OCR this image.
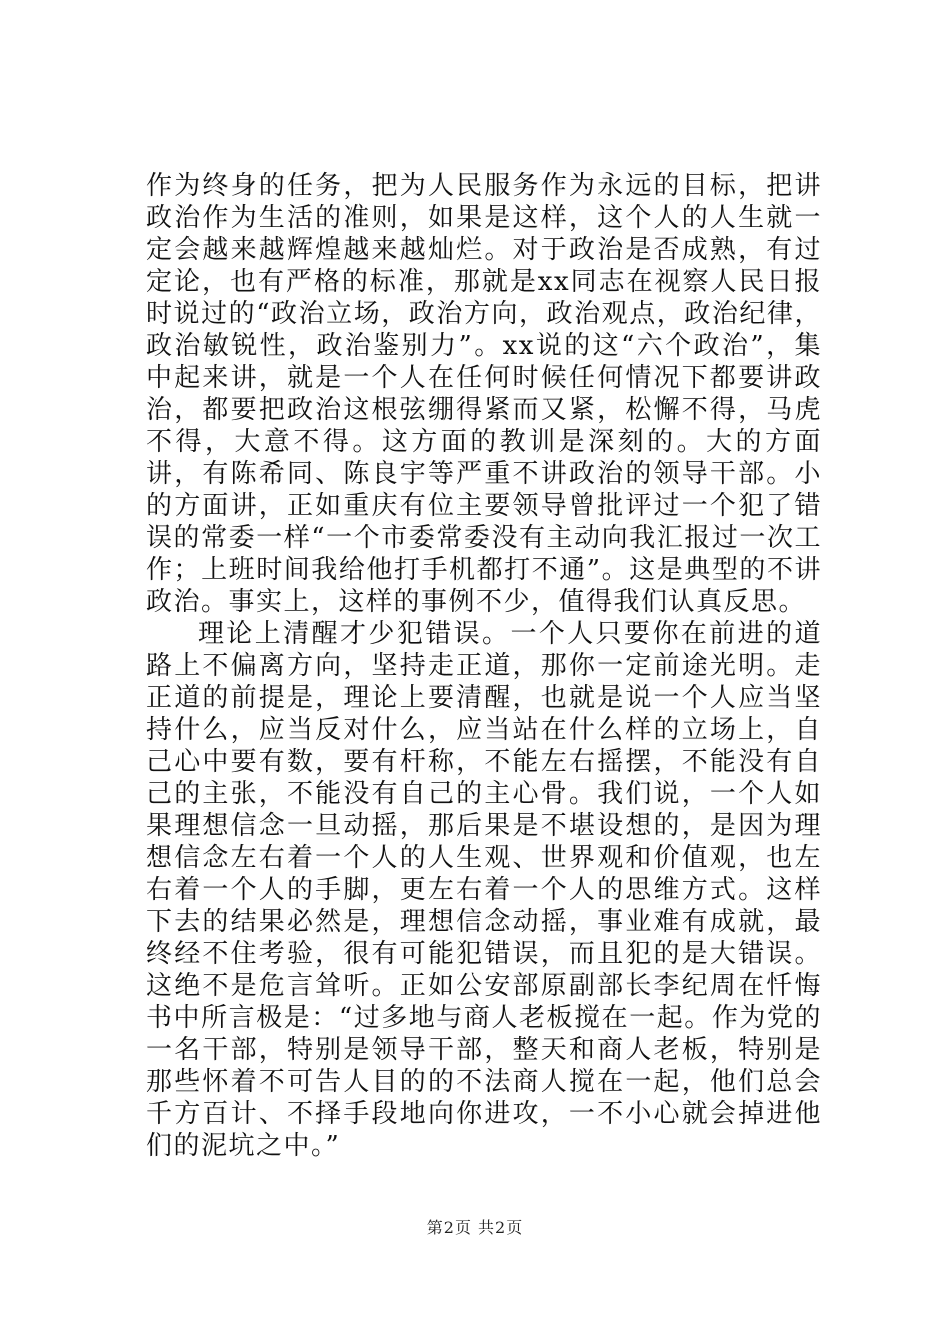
作为终身的任务，把为人民服务作为永远的目标，把讲政治作为生活的准则，如果是这样，这个人的人生就一定会越来越辉煌越来越灿烂。对于政治是否成熟，有过定论，也有严格的标准，那就是xx同志在视察人民日报时说过的“政治立场，政治方向，政治观点，政治纪律，政治敏锐性，政治鉴别力”。xx说的这“六个政治”，集中起来讲，就是一个人在任何时候任何情况下都要讲政治，都要把政治这根弦绷得紧而又紧，松懈不得，马虎不得，大意不得。这方面的教训是深刻的。大的方面讲，有陈希同、陈良宇等严重不讲政治的领导干部。小的方面讲，正如重庆有位主要领导曾批评过一个犯了错误的常委一样“一个市委常委没有主动向我汇报过一次工作；上班时间我给他打手机都打不通”。这是典型的不讲政治。事实上，这样的事例不少，值得我们认真反思。

理论上清醒才少犯错误。一个人只要你在前进的道路上不偏离方向，坚持走正道，那你一定前途光明。走正道的前提是，理论上要清醒，也就是说一个人应当坚持什么，应当反对什么，应当站在什么样的立场上，自己心中要有数，要有杆称，不能左右摇摆，不能没有自己的主张，不能没有自己的主心骨。我们说，一个人如果理想信念一旦动摇，那后果是不堪设想的，是因为理想信念左右着一个人的人生观、世界观和价值观，也左右着一个人的手脚，更左右着一个人的思维方式。这样下去的结果必然是，理想信念动摇，事业难有成就，最终经不住考验，很有可能犯错误，而且犯的是大错误。这绝不是危言耸听。正如公安部原副部长李纪周在忏悔书中所言极是：“过多地与商人老板搅在一起。作为党的一名干部，特别是领导干部，整天和商人老板，特别是那些怀着不可告人目的的不法商人搅在一起，他们总会千方百计、不择手段地向你进攻，一不小心就会掉进他们的泥坑之中。”

第2页 共2页
